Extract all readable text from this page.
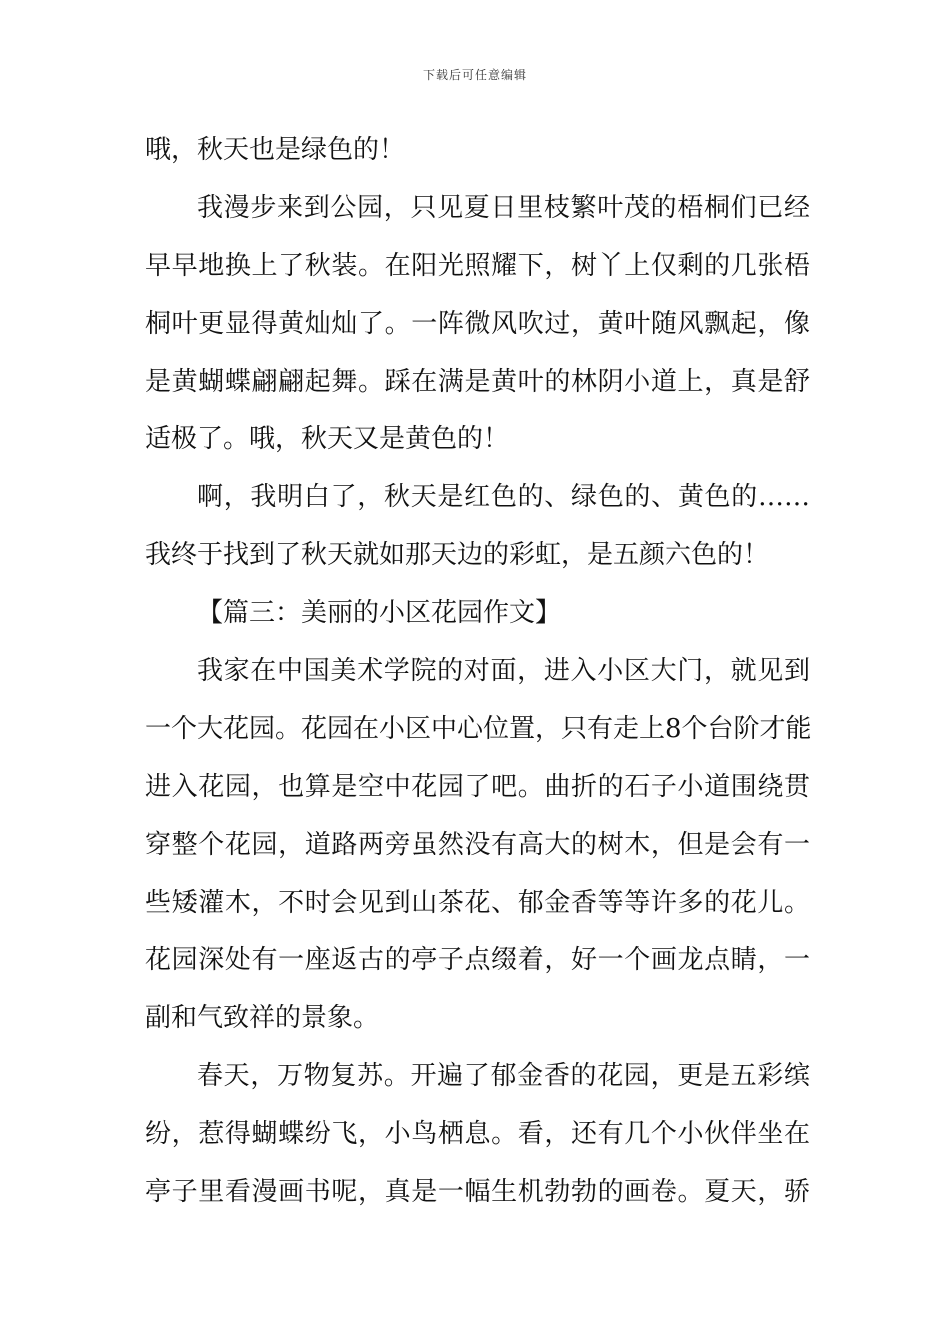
下载后可任意编辑
哦，秋天也是绿色的！
我漫步来到公园，只见夏日里枝繁叶茂的梧桐们已经
早早地换上了秋装。在阳光照耀下，树丫上仅剩的几张梧
桐叶更显得黄灿灿了。一阵微风吹过，黄叶随风飘起，像
是黄蝴蝶翩翩起舞。踩在满是黄叶的林阴小道上，真是舒
适极了。哦，秋天又是黄色的！
啊，我明白了，秋天是红色的、绿色的、黄色的……
我终于找到了秋天就如那天边的彩虹，是五颜六色的！
【篇三：美丽的小区花园作文】
我家在中国美术学院的对面，进入小区大门，就见到
一个大花园。花园在小区中心位置，只有走上8个台阶才能
进入花园，也算是空中花园了吧。曲折的石子小道围绕贯
穿整个花园，道路两旁虽然没有高大的树木，但是会有一
些矮灌木，不时会见到山茶花、郁金香等等许多的花儿。
花园深处有一座返古的亭子点缀着，好一个画龙点睛，一
副和气致祥的景象。
春天，万物复苏。开遍了郁金香的花园，更是五彩缤
纷，惹得蝴蝶纷飞，小鸟栖息。看，还有几个小伙伴坐在
亭子里看漫画书呢，真是一幅生机勃勃的画卷。夏天，骄
